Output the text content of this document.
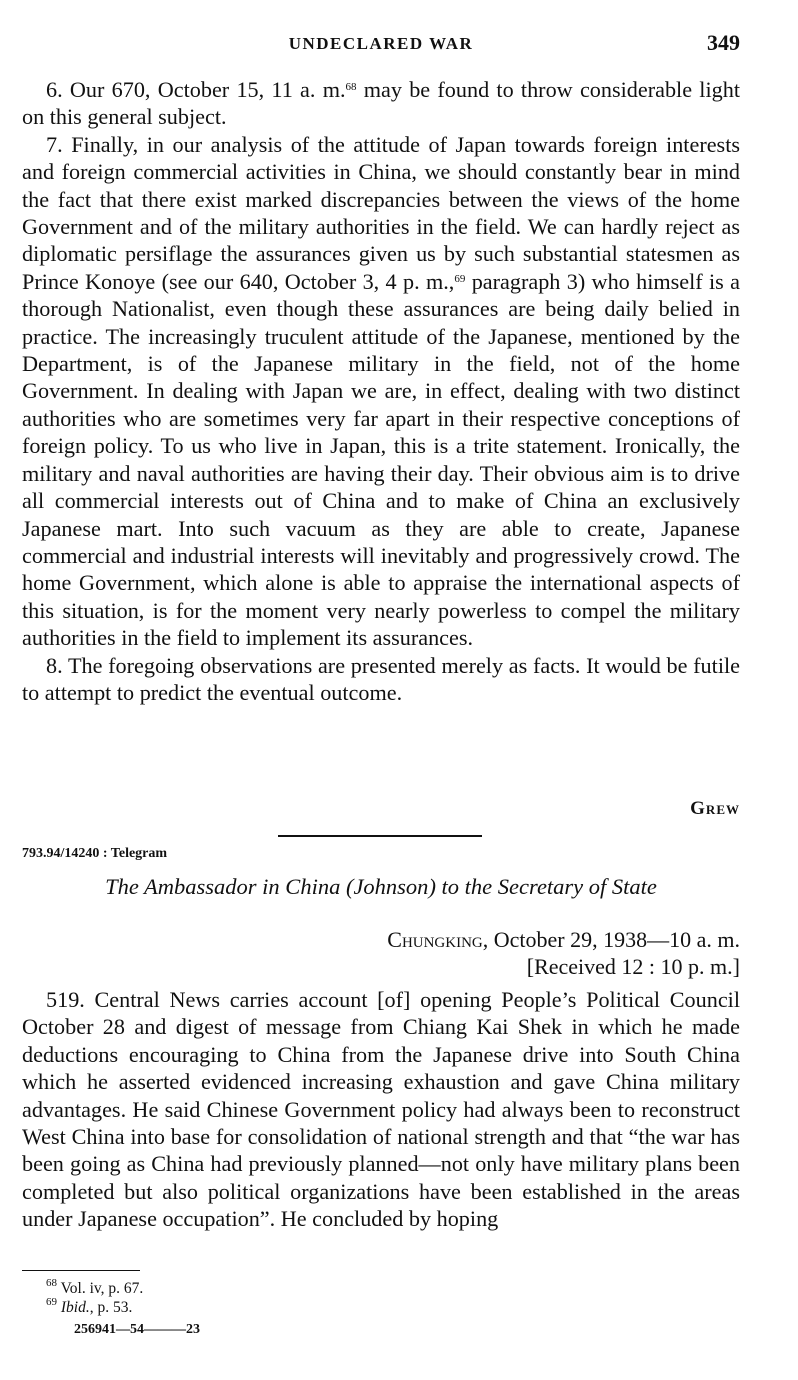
UNDECLARED WAR	349

6. Our 670, October 15, 11 a. m.$^{68}$ may be found to throw considerable light on this general subject.

7. Finally, in our analysis of the attitude of Japan towards foreign interests and foreign commercial activities in China, we should constantly bear in mind the fact that there exist marked discrepancies between the views of the home Government and of the military authorities in the field. We can hardly reject as diplomatic persiflage the assurances given us by such substantial statesmen as Prince Konoye (see our 640, October 3, 4 p. m.,$^{69}$ paragraph 3) who himself is a thorough Nationalist, even though these assurances are being daily belied in practice. The increasingly truculent attitude of the Japanese, mentioned by the Department, is of the Japanese military in the field, not of the home Government. In dealing with Japan we are, in effect, dealing with two distinct authorities who are sometimes very far apart in their respective conceptions of foreign policy. To us who live in Japan, this is a trite statement. Ironically, the military and naval authorities are having their day. Their obvious aim is to drive all commercial interests out of China and to make of China an exclusively Japanese mart. Into such vacuum as they are able to create, Japanese commercial and industrial interests will inevitably and progressively crowd. The home Government, which alone is able to appraise the international aspects of this situation, is for the moment very nearly powerless to compel the military authorities in the field to implement its assurances.

8. The foregoing observations are presented merely as facts. It would be futile to attempt to predict the eventual outcome.

Grew
793.94/14240 : Telegram
The Ambassador in China (Johnson) to the Secretary of State
Chungking, October 29, 1938—10 a. m.
[Received 12 : 10 p. m.]

519. Central News carries account [of] opening People’s Political Council October 28 and digest of message from Chiang Kai Shek in which he made deductions encouraging to China from the Japanese drive into South China which he asserted evidenced increasing exhaustion and gave China military advantages. He said Chinese Government policy had always been to reconstruct West China into base for consolidation of national strength and that “the war has been going as China had previously planned—not only have military plans been completed but also political organizations have been established in the areas under Japanese occupation”. He concluded by hoping

$^{68}$ Vol. iv, p. 67.
$^{69}$ Ibid., p. 53.
256941—54———23
